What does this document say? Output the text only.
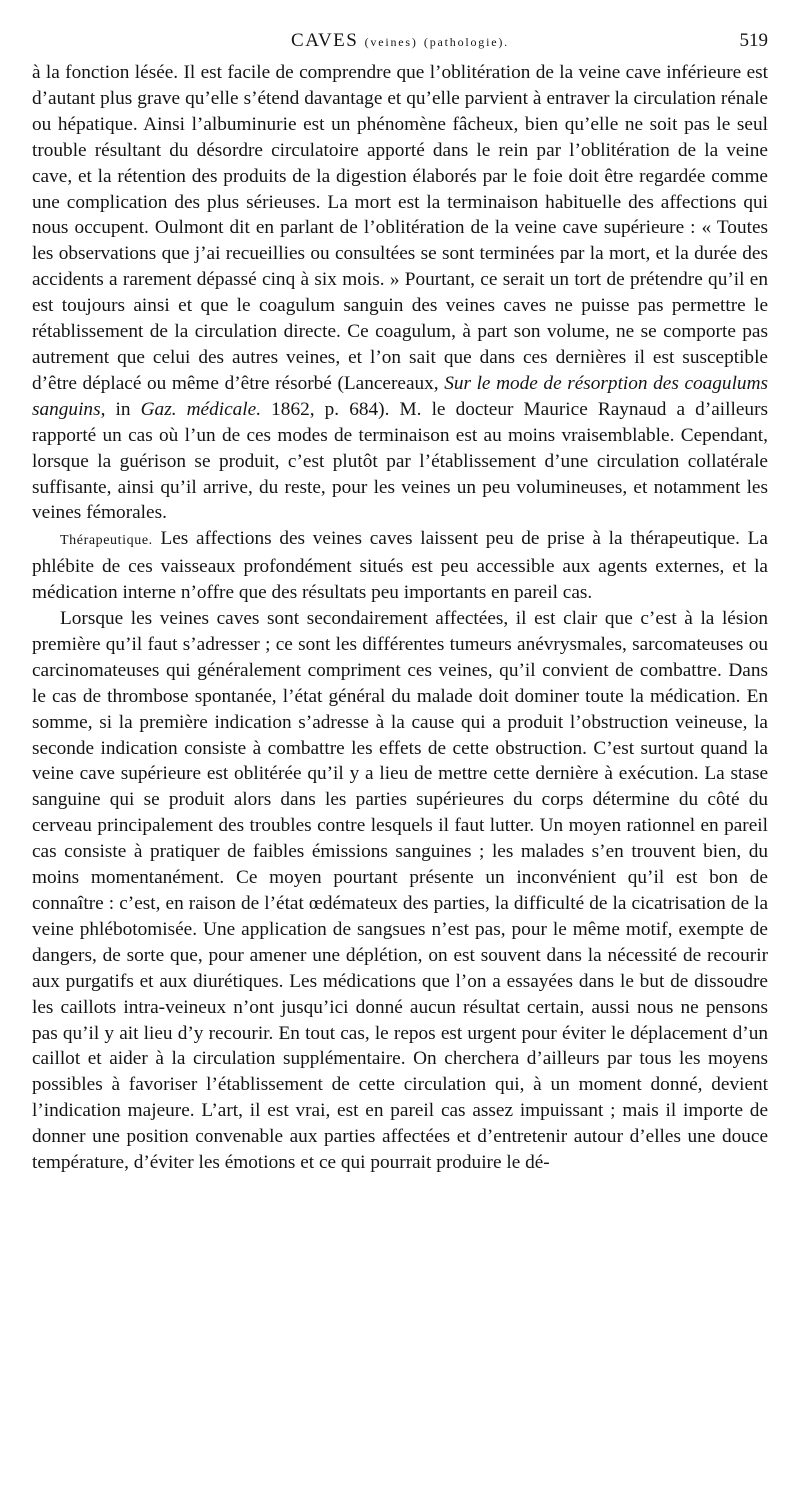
CAVES (veines) (pathologie).	519

à la fonction lésée. Il est facile de comprendre que l’oblitération de la veine cave inférieure est d’autant plus grave qu’elle s’étend davantage et qu’elle parvient à entraver la circulation rénale ou hépatique. Ainsi l’albuminurie est un phénomène fâcheux, bien qu’elle ne soit pas le seul trouble résultant du désordre circulatoire apporté dans le rein par l’oblitération de la veine cave, et la rétention des produits de la digestion élaborés par le foie doit être regardée comme une complication des plus sérieuses. La mort est la terminaison habituelle des affections qui nous occupent. Oulmont dit en parlant de l’oblitération de la veine cave supérieure : « Toutes les observations que j’ai recueillies ou consultées se sont terminées par la mort, et la durée des accidents a rarement dépassé cinq à six mois. » Pourtant, ce serait un tort de prétendre qu’il en est toujours ainsi et que le coagulum sanguin des veines caves ne puisse pas permettre le rétablissement de la circulation directe. Ce coagulum, à part son volume, ne se comporte pas autrement que celui des autres veines, et l’on sait que dans ces dernières il est susceptible d’être déplacé ou même d’être résorbé (Lancereaux, Sur le mode de résorption des coagulums sanguins, in Gaz. médicale. 1862, p. 684). M. le docteur Maurice Raynaud a d’ailleurs rapporté un cas où l’un de ces modes de terminaison est au moins vraisemblable. Cependant, lorsque la guérison se produit, c’est plutôt par l’établissement d’une circulation collatérale suffisante, ainsi qu’il arrive, du reste, pour les veines un peu volumineuses, et notamment les veines fémorales.

Thérapeutique. Les affections des veines caves laissent peu de prise à la thérapeutique. La phlébite de ces vaisseaux profondément situés est peu accessible aux agents externes, et la médication interne n’offre que des résultats peu importants en pareil cas.

Lorsque les veines caves sont secondairement affectées, il est clair que c’est à la lésion première qu’il faut s’adresser ; ce sont les différentes tumeurs anévrysmales, sarcomateuses ou carcinomateuses qui généralement compriment ces veines, qu’il convient de combattre. Dans le cas de thrombose spontanée, l’état général du malade doit dominer toute la médication. En somme, si la première indication s’adresse à la cause qui a produit l’obstruction veineuse, la seconde indication consiste à combattre les effets de cette obstruction. C’est surtout quand la veine cave supérieure est oblitérée qu’il y a lieu de mettre cette dernière à exécution. La stase sanguine qui se produit alors dans les parties supérieures du corps détermine du côté du cerveau principalement des troubles contre lesquels il faut lutter. Un moyen rationnel en pareil cas consiste à pratiquer de faibles émissions sanguines ; les malades s’en trouvent bien, du moins momentanément. Ce moyen pourtant présente un inconvénient qu’il est bon de connaître : c’est, en raison de l’état œdémateux des parties, la difficulté de la cicatrisation de la veine phlébotomisée. Une application de sangsues n’est pas, pour le même motif, exempte de dangers, de sorte que, pour amener une déplétion, on est souvent dans la nécessité de recourir aux purgatifs et aux diurétiques. Les médications que l’on a essayées dans le but de dissoudre les caillots intra-veineux n’ont jusqu’ici donné aucun résultat certain, aussi nous ne pensons pas qu’il y ait lieu d’y recourir. En tout cas, le repos est urgent pour éviter le déplacement d’un caillot et aider à la circulation supplémentaire. On cherchera d’ailleurs par tous les moyens possibles à favoriser l’établissement de cette circulation qui, à un moment donné, devient l’indication majeure. L’art, il est vrai, est en pareil cas assez impuissant ; mais il importe de donner une position convenable aux parties affectées et d’entretenir autour d’elles une douce température, d’éviter les émotions et ce qui pourrait produire le dé-
